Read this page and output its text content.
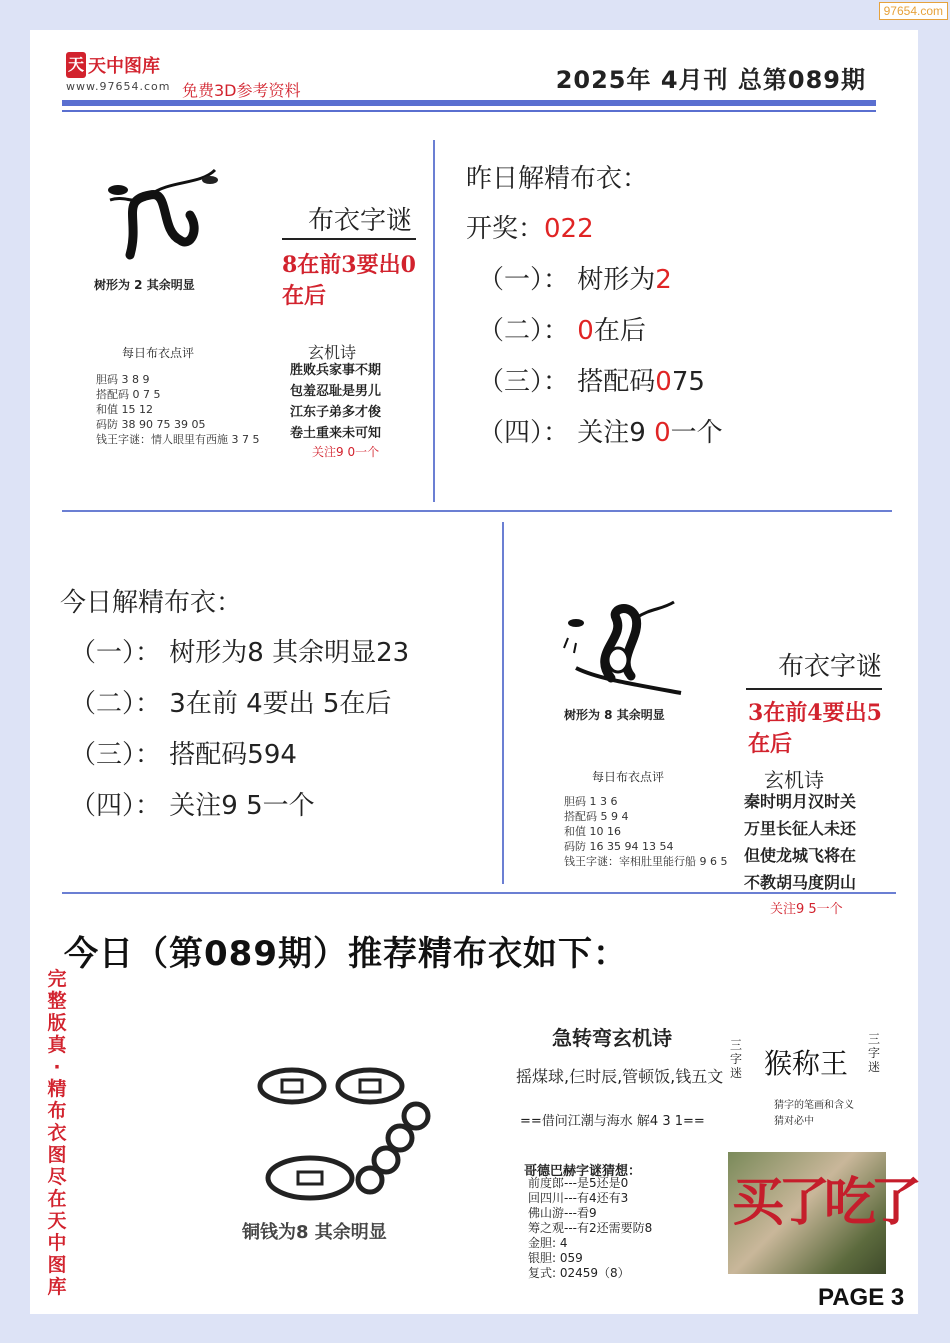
97654.com
天 天中图库
www.97654.com 免费3D参考资料	2025年 4月刊 总第089期
树形为 2 其余明显
布衣字谜
8在前3要出0在后
每日布衣点评
胆码 3 8 9
搭配码 0 7 5
和值 15 12
码防 38 90 75 39 05
钱王字谜：情人眼里有西施 3 7 5
玄机诗
胜败兵家事不期
包羞忍耻是男儿
江东子弟多才俊
卷土重来未可知
关注9 0一个
昨日解精布衣：
开奖：022
（一）： 树形为2
（二）： 0在后
（三）： 搭配码075
（四）： 关注9 0一个
今日解精布衣：
（一）： 树形为8 其余明显23
（二）： 3在前 4要出 5在后
（三）： 搭配码594
（四）： 关注9 5一个
树形为 8 其余明显
布衣字谜
3在前4要出5在后
每日布衣点评
胆码 1 3 6
搭配码 5 9 4
和值 10 16
码防 16 35 94 13 54
钱王字谜：宰相肚里能行船 9 6 5
玄机诗
秦时明月汉时关
万里长征人未还
但使龙城飞将在
不教胡马度阴山
关注9 5一个
今日（第089期）推荐精布衣如下：
完整版真·精布衣图尽在天中图库
铜钱为8 其余明显
急转弯玄机诗
摇煤球,仨时辰,管顿饭,钱五文
==借问江潮与海水 解4 3 1==
三字迷 猴称王
三字迷
猜字的笔画和含义
猜对必中
哥德巴赫字谜猜想：
前度郎---是5还是0
回四川---有4还有3
佛山游---看9
筹之观---有2还需要防8
金胆: 4
银胆: 059
复式: 02459（8）
买了吃了
PAGE 3
